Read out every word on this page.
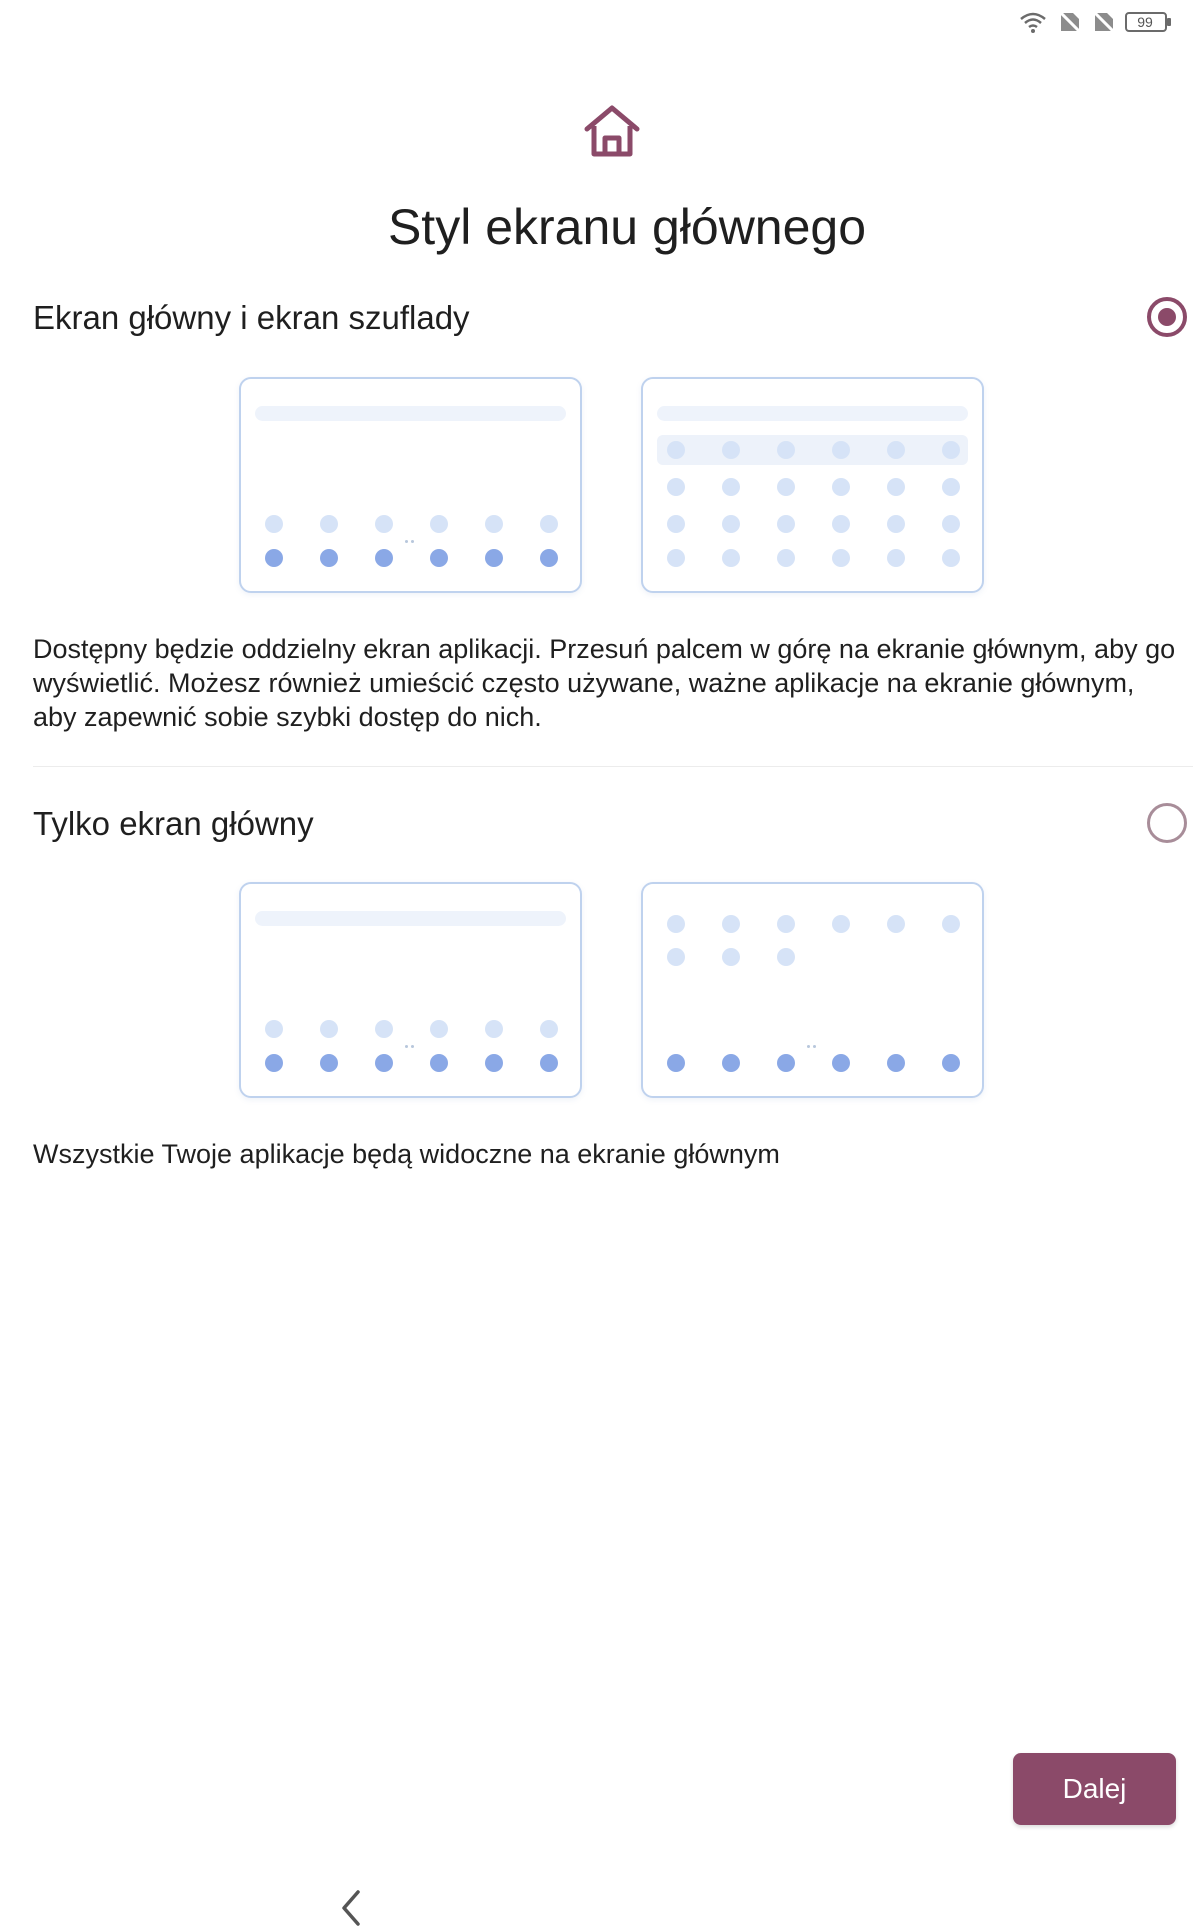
99
Styl ekranu głównego
Ekran główny i ekran szuflady
Dostępny będzie oddzielny ekran aplikacji. Przesuń palcem w górę na ekranie głównym, aby go wyświetlić. Możesz również umieścić często używane, ważne aplikacje na ekranie głównym, aby zapewnić sobie szybki dostęp do nich.
Tylko ekran główny
Wszystkie Twoje aplikacje będą widoczne na ekranie głównym
Dalej
